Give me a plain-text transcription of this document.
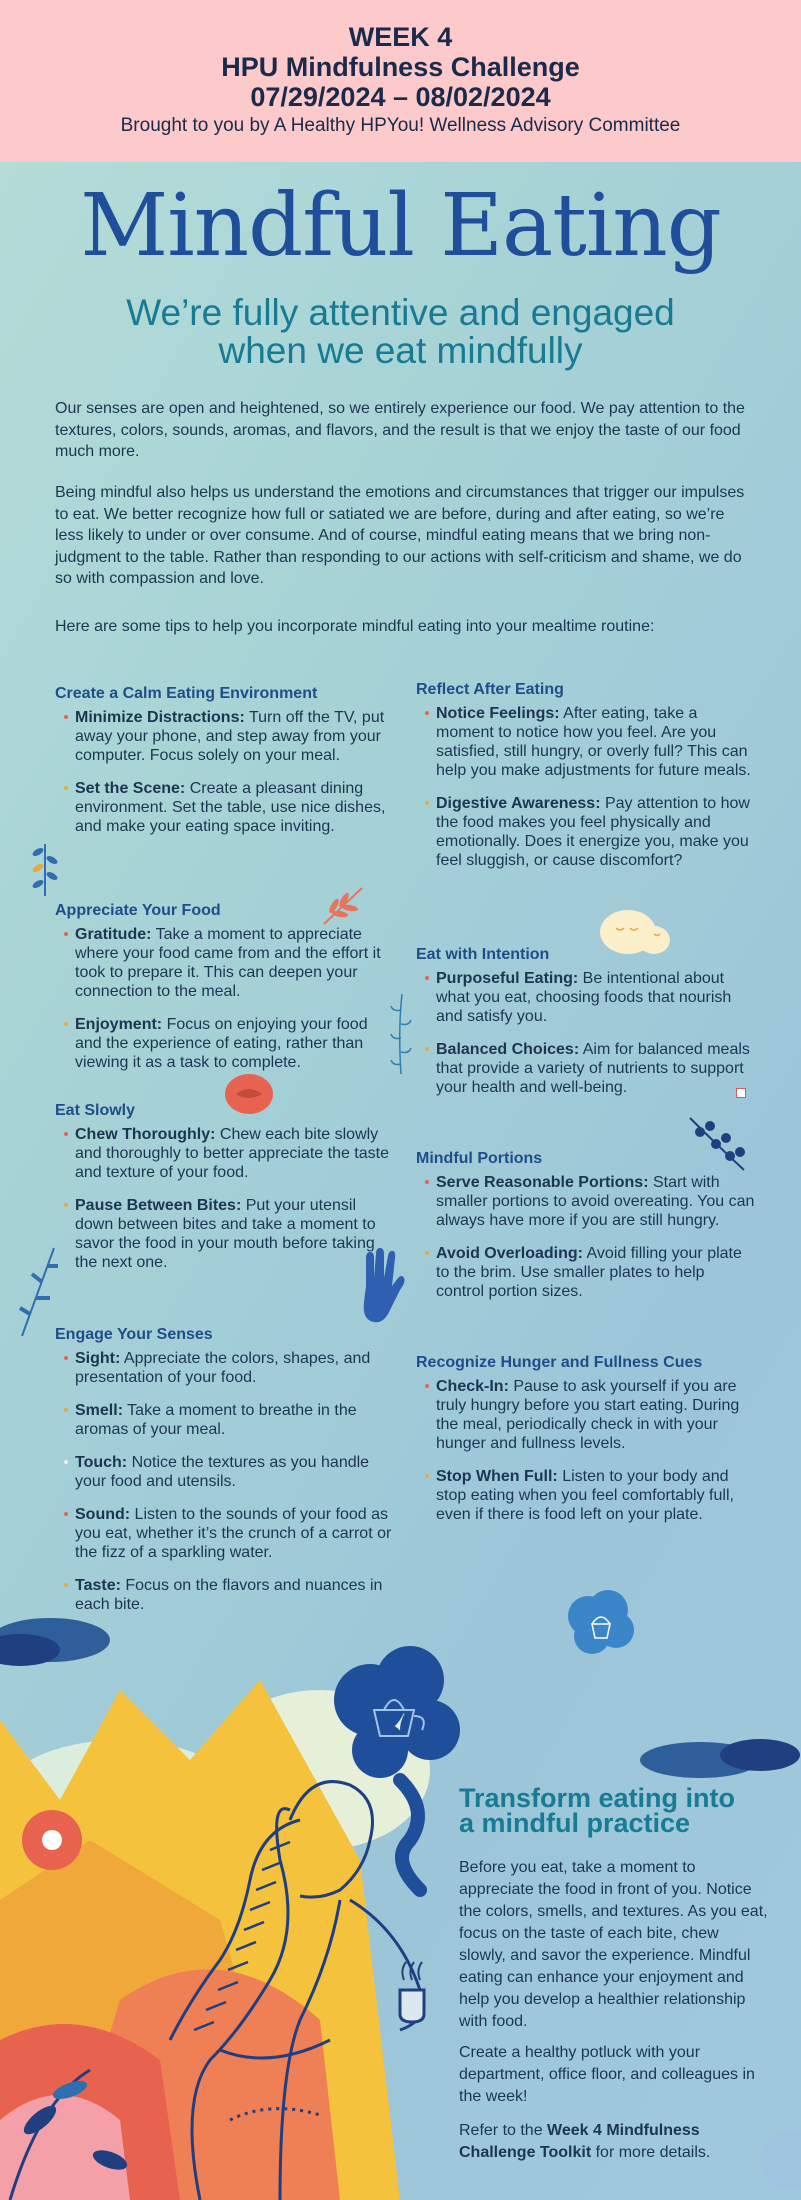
WEEK 4
HPU Mindfulness Challenge
07/29/2024 – 08/02/2024
Brought to you by A Healthy HPYou! Wellness Advisory Committee
Mindful Eating
We’re fully attentive and engaged
when we eat mindfully

Our senses are open and heightened, so we entirely experience our food. We pay attention to the textures, colors, sounds, aromas, and flavors, and the result is that we enjoy the taste of our food much more.

Being mindful also helps us understand the emotions and circumstances that trigger our impulses to eat. We better recognize how full or satiated we are before, during and after eating, so we’re less likely to under or over consume. And of course, mindful eating means that we bring non-judgment to the table. Rather than responding to our actions with self-criticism and shame, we do so with compassion and love.

Here are some tips to help you incorporate mindful eating into your mealtime routine:

Create a Calm Eating Environment
Minimize Distractions: Turn off the TV, put away your phone, and step away from your computer. Focus solely on your meal.
Set the Scene: Create a pleasant dining environment. Set the table, use nice dishes, and make your eating space inviting.
Appreciate Your Food
Gratitude: Take a moment to appreciate where your food came from and the effort it took to prepare it. This can deepen your connection to the meal.
Enjoyment: Focus on enjoying your food and the experience of eating, rather than viewing it as a task to complete.
Eat Slowly
Chew Thoroughly: Chew each bite slowly and thoroughly to better appreciate the taste and texture of your food.
Pause Between Bites: Put your utensil down between bites and take a moment to savor the food in your mouth before taking the next one.
Engage Your Senses
Sight: Appreciate the colors, shapes, and presentation of your food.
Smell: Take a moment to breathe in the aromas of your meal.
Touch: Notice the textures as you handle your food and utensils.
Sound: Listen to the sounds of your food as you eat, whether it’s the crunch of a carrot or the fizz of a sparkling water.
Taste: Focus on the flavors and nuances in each bite.
Reflect After Eating
Notice Feelings: After eating, take a moment to notice how you feel. Are you satisfied, still hungry, or overly full? This can help you make adjustments for future meals.
Digestive Awareness: Pay attention to how the food makes you feel physically and emotionally. Does it energize you, make you feel sluggish, or cause discomfort?
Eat with Intention
Purposeful Eating: Be intentional about what you eat, choosing foods that nourish and satisfy you.
Balanced Choices: Aim for balanced meals that provide a variety of nutrients to support your health and well-being.
Mindful Portions
Serve Reasonable Portions: Start with smaller portions to avoid overeating. You can always have more if you are still hungry.
Avoid Overloading: Avoid filling your plate to the brim. Use smaller plates to help control portion sizes.
Recognize Hunger and Fullness Cues
Check-In: Pause to ask yourself if you are truly hungry before you start eating. During the meal, periodically check in with your hunger and fullness levels.
Stop When Full: Listen to your body and stop eating when you feel comfortably full, even if there is food left on your plate.
Transform eating into
a mindful practice

Before you eat, take a moment to appreciate the food in front of you. Notice the colors, smells, and textures. As you eat, focus on the taste of each bite, chew slowly, and savor the experience. Mindful eating can enhance your enjoyment and help you develop a healthier relationship with food.

Create a healthy potluck with your department, office floor, and colleagues in the week!

Refer to the Week 4 Mindfulness Challenge Toolkit for more details.
